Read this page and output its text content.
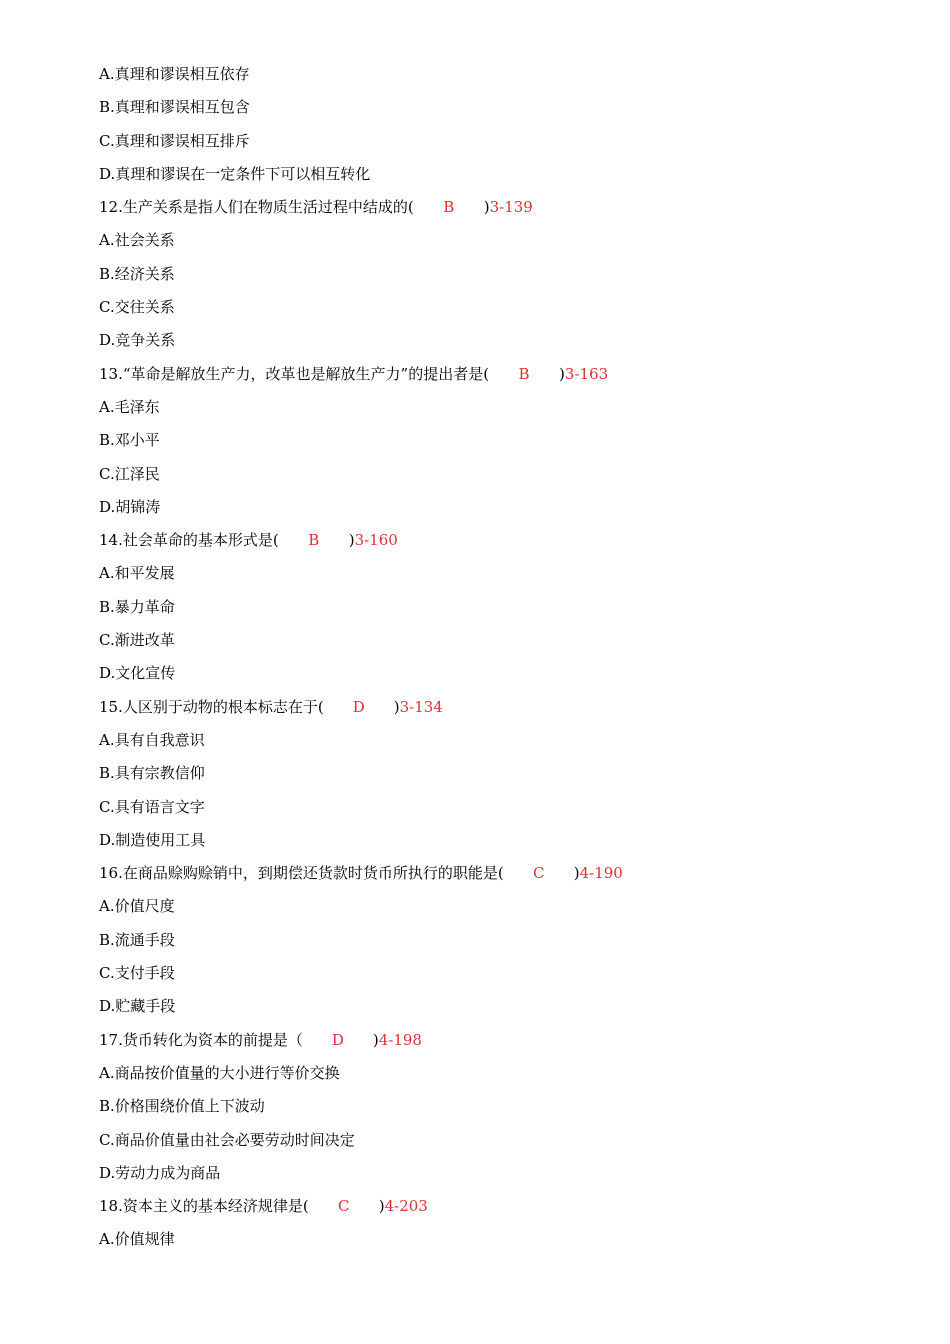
A.真理和谬误相互依存
B.真理和谬误相互包含
C.真理和谬误相互排斥
D.真理和谬误在一定条件下可以相互转化
12.生产关系是指人们在物质生活过程中结成的( B )3-139
A.社会关系
B.经济关系
C.交往关系
D.竞争关系
13.“革命是解放生产力，改革也是解放生产力”的提出者是( B )3-163
A.毛泽东
B.邓小平
C.江泽民
D.胡锦涛
14.社会革命的基本形式是( B )3-160
A.和平发展
B.暴力革命
C.渐进改革
D.文化宣传
15.人区别于动物的根本标志在于( D )3-134
A.具有自我意识
B.具有宗教信仰
C.具有语言文字
D.制造使用工具
16.在商品赊购赊销中，到期偿还货款时货币所执行的职能是( C )4-190
A.价值尺度
B.流通手段
C.支付手段
D.贮藏手段
17.货币转化为资本的前提是（ D )4-198
A.商品按价值量的大小进行等价交换
B.价格围绕价值上下波动
C.商品价值量由社会必要劳动时间决定
D.劳动力成为商品
18.资本主义的基本经济规律是( C )4-203
A.价值规律
